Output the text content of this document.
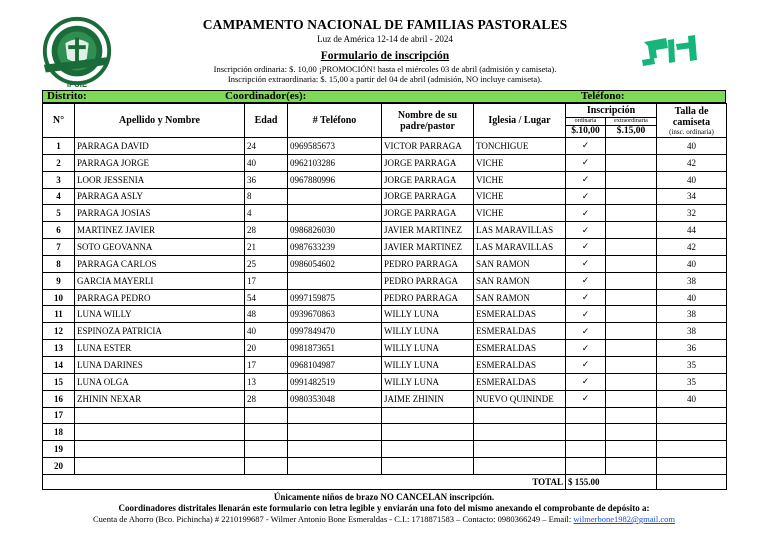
IPUIE
CAMPAMENTO NACIONAL DE FAMILIAS PASTORALES
Luz de América 12-14 de abril - 2024
Formulario de inscripción
Inscripción ordinaria: $. 10,00 ¡PROMOCIÓN! hasta el miércoles 03 de abril (admisión y camiseta).
Inscripción extraordinaria: $. 15,00 a partir del 04 de abril (admisión, NO incluye camiseta).
Distrito:	Coordinador(es):	Teléfono:
N°	Apellido y Nombre	Edad	# Teléfono	Nombre de su padre/pastor	Iglesia / Lugar	Inscripción		Talla de camiseta
(insc. ordinaria)

						ordinaria	extraordinaria	
						$.10,00	$.15,00	
1	PARRAGA DAVID	24	0969585673	VICTOR PARRAGA	TONCHIGUE	✓		40
2	PARRAGA JORGE	40	0962103286	JORGE PARRAGA	VICHE	✓		42
3	LOOR JESSENIA	36	0967880996	JORGE PARRAGA	VICHE	✓		40
4	PARRAGA ASLY	8		JORGE PARRAGA	VICHE	✓		34
5	PARRAGA JOSIAS	4		JORGE PARRAGA	VICHE	✓		32
6	MARTINEZ JAVIER	28	0986826030	JAVIER MARTINEZ	LAS MARAVILLAS	✓		44
7	SOTO GEOVANNA	21	0987633239	JAVIER MARTINEZ	LAS MARAVILLAS	✓		42
8	PARRAGA CARLOS	25	0986054602	PEDRO PARRAGA	SAN RAMON	✓		40
9	GARCIA MAYERLI	17		PEDRO PARRAGA	SAN RAMON	✓		38
10	PARRAGA PEDRO	54	0997159875	PEDRO PARRAGA	SAN RAMON	✓		40
11	LUNA WILLY	48	0939670863	WILLY LUNA	ESMERALDAS	✓		38
12	ESPINOZA PATRICIA	40	0997849470	WILLY LUNA	ESMERALDAS	✓		38
13	LUNA ESTER	20	0981873651	WILLY LUNA	ESMERALDAS	✓		36
14	LUNA DARINES	17	0968104987	WILLY LUNA	ESMERALDAS	✓		35
15	LUNA OLGA	13	0991482519	WILLY LUNA	ESMERALDAS	✓		35
16	ZHININ NEXAR	28	0980353048	JAIME ZHININ	NUEVO QUININDE	✓		40
17								
18								
19								
20								
TOTAL						$ 155.00		
Únicamente niños de brazo NO CANCELAN inscripción.
Coordinadores distritales llenarán este formulario con letra legible y enviarán una foto del mismo anexando el comprobante de depósito a:
Cuenta de Ahorro (Bco. Pichincha) # 2210199687 - Wilmer Antonio Bone Esmeraldas - C.I.: 1718871583 – Contacto: 0980366249 – Email: wilmerbone1982@gmail.com
